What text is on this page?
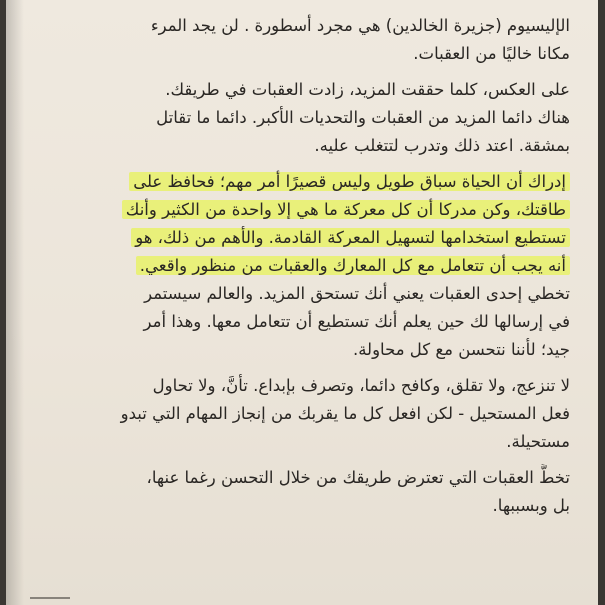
الإليسيوم (جزيرة الخالدين) هي مجرد أسطورة . لن يجد المرء
مكانا خاليًا من العقبات.
على العكس، كلما حققت المزيد، زادت العقبات في طريقك.
هناك دائما المزيد من العقبات والتحديات الأكبر. دائما ما تقاتل
بمشقة. اعتد ذلك وتدرب لتتغلب عليه.
إدراك أن الحياة سباق طويل وليس قصيرًا أمر مهم؛ فحافظ على
طاقتك، وكن مدركا أن كل معركة ما هي إلا واحدة من الكثير وأنك
تستطيع استخدامها لتسهيل المعركة القادمة. والأهم من ذلك، هو
أنه يجب أن تتعامل مع كل المعارك والعقبات من منظور واقعي.
تخطي إحدى العقبات يعني أنك تستحق المزيد. والعالم سيستمر
في إرسالها لك حين يعلم أنك تستطيع أن تتعامل معها. وهذا أمر
جيد؛ لأننا نتحسن مع كل محاولة.
لا تنزعج، ولا تقلق، وكافح دائما، وتصرف بإبداع. تأنَّ، ولا تحاول
فعل المستحيل - لكن افعل كل ما يقربك من إنجاز المهام التي تبدو
مستحيلة.
تخطَّ العقبات التي تعترض طريقك من خلال التحسن رغما عنها،
بل وبسببها.
